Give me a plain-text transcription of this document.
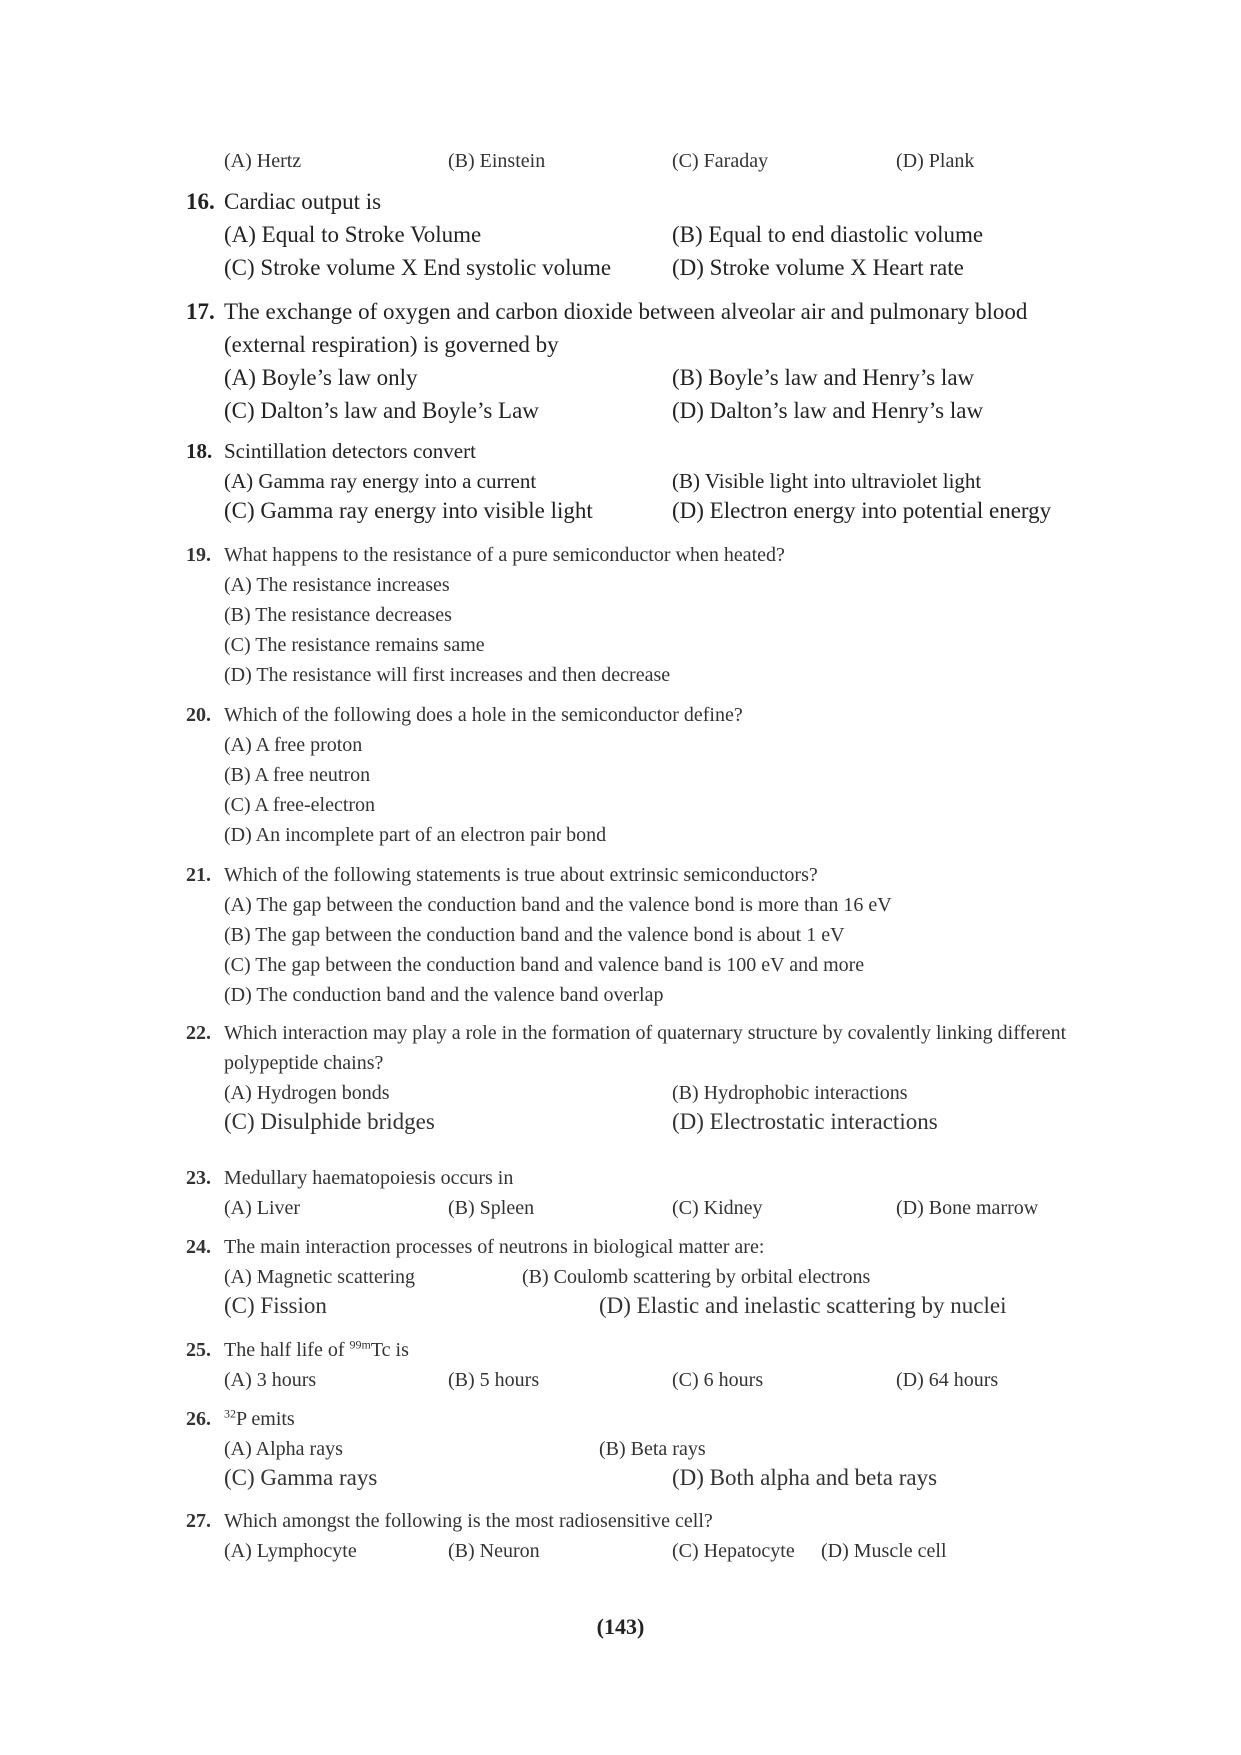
(A) Hertz	(B) Einstein	(C) Faraday	(D) Plank
16. Cardiac output is
(A) Equal to Stroke Volume	(B) Equal to end diastolic volume
(C) Stroke volume X End systolic volume	(D) Stroke volume X Heart rate
17. The exchange of oxygen and carbon dioxide between alveolar air and pulmonary blood (external respiration) is governed by
(A) Boyle’s law only	(B) Boyle’s law and Henry’s law
(C) Dalton’s law and Boyle’s Law	(D) Dalton’s law and Henry’s law
18. Scintillation detectors convert
(A) Gamma ray energy into a current	(B) Visible light into ultraviolet light
(C) Gamma ray energy into visible light	(D) Electron energy into potential energy
19. What happens to the resistance of a pure semiconductor when heated?
(A) The resistance increases
(B) The resistance decreases
(C) The resistance remains same
(D) The resistance will first increases and then decrease
20. Which of the following does a hole in the semiconductor define?
(A) A free proton
(B) A free neutron
(C) A free-electron
(D) An incomplete part of an electron pair bond
21. Which of the following statements is true about extrinsic semiconductors?
(A) The gap between the conduction band and the valence bond is more than 16 eV
(B) The gap between the conduction band and the valence bond is about 1 eV
(C) The gap between the conduction band and valence band is 100 eV and more
(D) The conduction band and the valence band overlap
22. Which interaction may play a role in the formation of quaternary structure by covalently linking different polypeptide chains?
(A) Hydrogen bonds	(B) Hydrophobic interactions
(C) Disulphide bridges	(D) Electrostatic interactions
23. Medullary haematopoiesis occurs in
(A) Liver	(B) Spleen	(C) Kidney	(D) Bone marrow
24. The main interaction processes of neutrons in biological matter are:
(A) Magnetic scattering	(B) Coulomb scattering by orbital electrons
(C) Fission	(D) Elastic and inelastic scattering by nuclei
25. The half life of $^{99m}$Tc is
(A) 3 hours	(B) 5 hours	(C) 6 hours	(D) 64 hours
26. $^{32}$P emits
(A) Alpha rays	(B) Beta rays
(C) Gamma rays	(D) Both alpha and beta rays
27. Which amongst the following is the most radiosensitive cell?
(A) Lymphocyte	(B) Neuron	(C) Hepatocyte (D) Muscle cell
(143)
